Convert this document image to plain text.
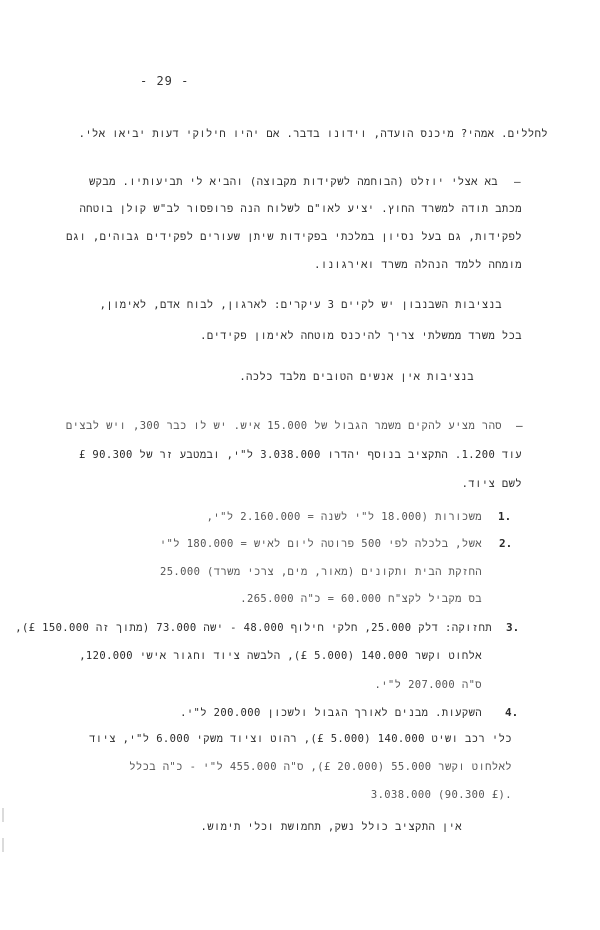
- 29 -
לחללים. אמהי? מיכנס הועדה, וידונו בדבר. אם יהיו חילוקי דעות יביאו אלי.
–
בא אצלי יוזלט (הבוחמה לשקידות מקבוצה) והביא לי תביעותיו. מבקש
מכתב תודה למשרד החוץ. יציע לאו"ם לשלוח הנה פרופסור לב"ש קולן בוטחה
לפקידות, גם בעל נסיון במלכתי בפקידות שיתן שעורים לפקידים גבוהים, וגם
מומחה ללמד הנהלה משרד ואירגונו.
בנציבות השבנבון יש לקיים 3 עיקרים: לארגון, לבוח אדם, לאימון,
בכל משרד ממשלתי צריך להיכנס מוטחה לאימון פקידים.
בנציבות אין אנשים הטובים מלבד כלכה.
–
סהר מציע להקים משמר הגבול של 15.000 איש. יש לו כבר 300, ויש לבצים
עוד 1.200. התקציב בנוסף יהדרו 3.038.000 ל"י, ובמטבע זר של 90.300 £
לשם ציוד.
1.
משכורות (18.000 ל"י לשנה = 2.160.000 ל"י,
2.
אשל, בלכלה לפי 500 פרוטה ליום לאיש = 180.000 ל"י
החזקת הבית ותקונים (מאור, מים, צרכי משרד) 25.000
בס מקביל לקצ"ח 60.000 = כ"ה 265.000.
3.
תחזוקה: דלק 25.000, חלקי חילוף 48.000 - ישה 73.000 (מתוך זה 150.000 £),
אלחוט וקשר 140.000 (5.000 £), הלבשה ציוד וחגור אישי 120.000,
ס"ה 207.000 ל"י.
4.
השקעות. מבנים לאורך הגבול ולשכון 200.000 ל"י.
כלי רכב ושיט 140.000 (5.000 £), רהוט וציוד משקי 6.000 ל"י, ציוד
לאלחוט וקשר 55.000 (20.000 £), ס"ה 455.000 ל"י - כ"ה בכלל
3.038.000 (90.300 £).
אין התקציב כולל נשק, תחמושת וכלי תימוש.
